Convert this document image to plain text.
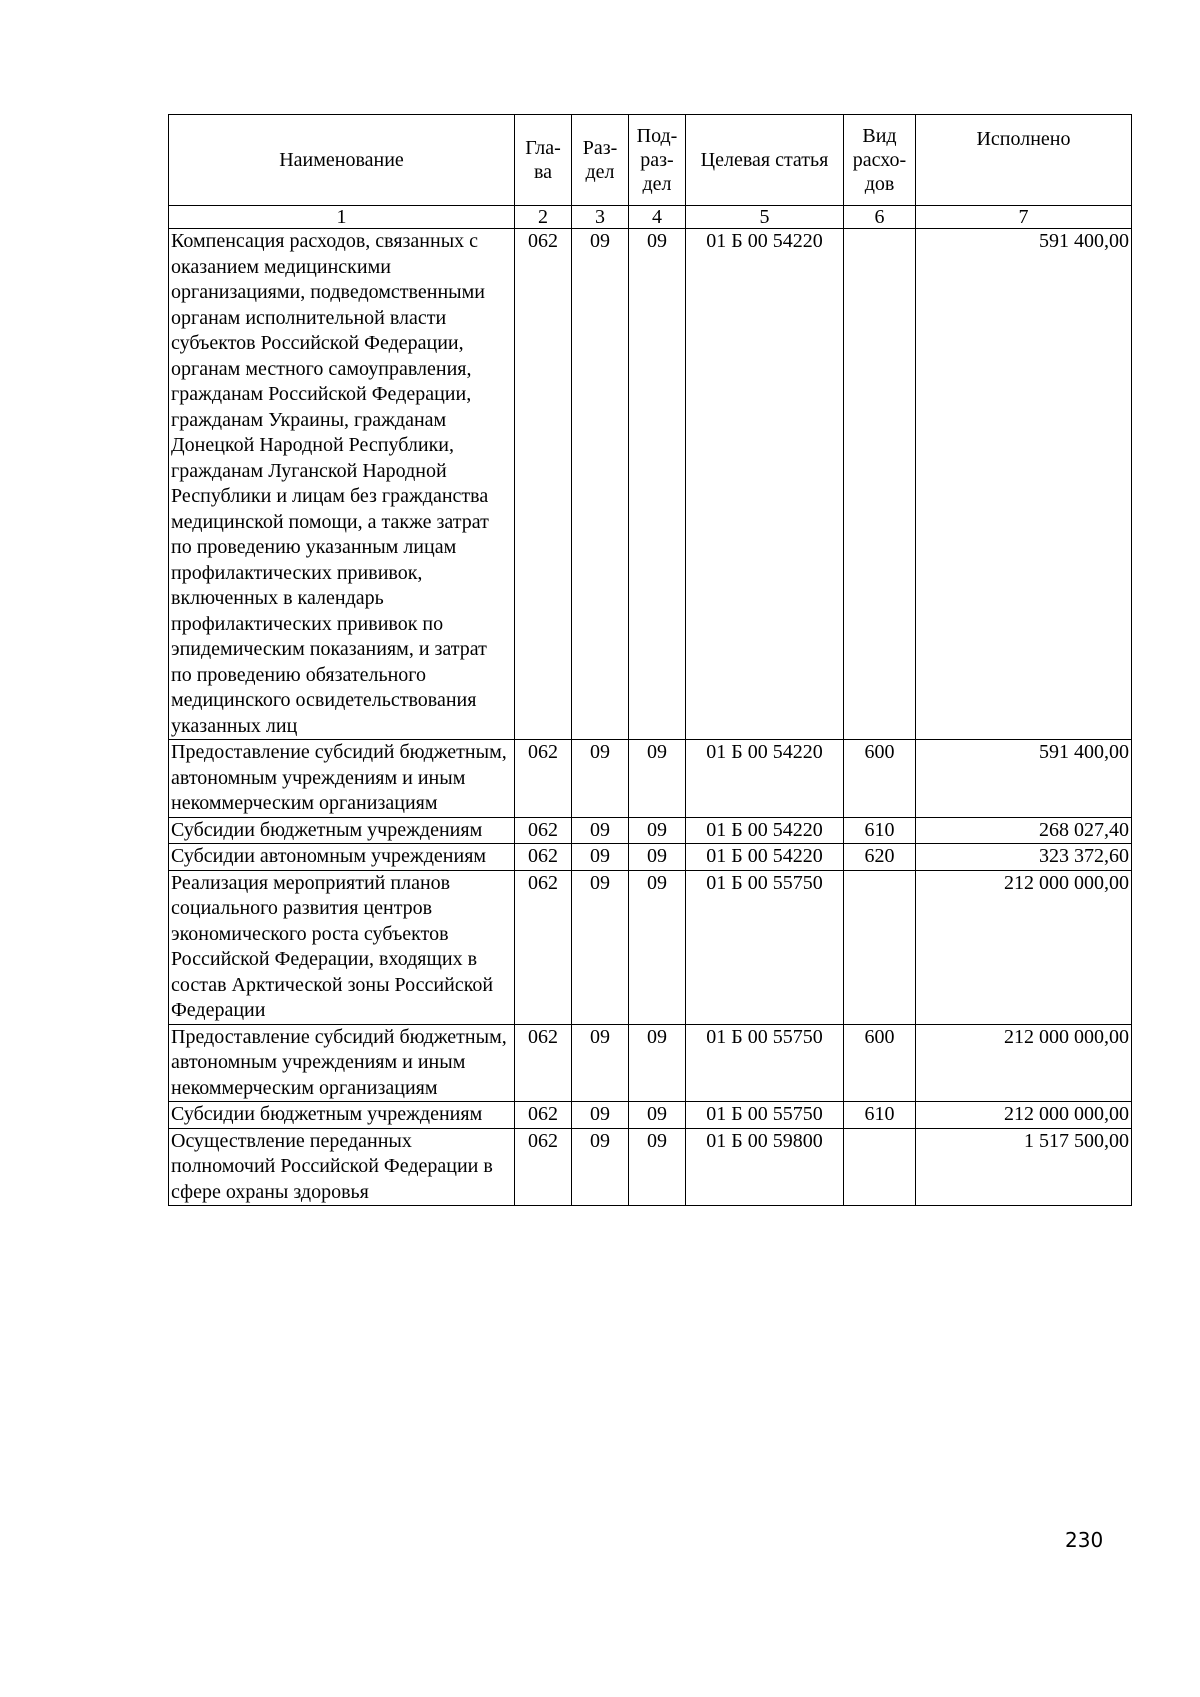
Наименование	Гла-ва	Раз-дел	Под-раз-дел	Целевая статья	Вид расхо-дов	Исполнено
1	2	3	4	5	6	7
Компенсация расходов, связанных с оказанием медицинскими организациями, подведомственными органам исполнительной власти субъектов Российской Федерации, органам местного самоуправления, гражданам Российской Федерации, гражданам Украины, гражданам Донецкой Народной Республики, гражданам Луганской Народной Республики и лицам без гражданства медицинской помощи, а также затрат по проведению указанным лицам профилактических прививок, включенных в календарь профилактических прививок по эпидемическим показаниям, и затрат по проведению обязательного медицинского освидетельствования указанных лиц	062	09	09	01 Б 00 54220		591 400,00
Предоставление субсидий бюджетным, автономным учреждениям и иным некоммерческим организациям	062	09	09	01 Б 00 54220	600	591 400,00
Субсидии бюджетным учреждениям	062	09	09	01 Б 00 54220	610	268 027,40
Субсидии автономным учреждениям	062	09	09	01 Б 00 54220	620	323 372,60
Реализация мероприятий планов социального развития центров экономического роста субъектов Российской Федерации, входящих в состав Арктической зоны Российской Федерации	062	09	09	01 Б 00 55750		212 000 000,00
Предоставление субсидий бюджетным, автономным учреждениям и иным некоммерческим организациям	062	09	09	01 Б 00 55750	600	212 000 000,00
Субсидии бюджетным учреждениям	062	09	09	01 Б 00 55750	610	212 000 000,00
Осуществление переданных полномочий Российской Федерации в сфере охраны здоровья	062	09	09	01 Б 00 59800		1 517 500,00
230
